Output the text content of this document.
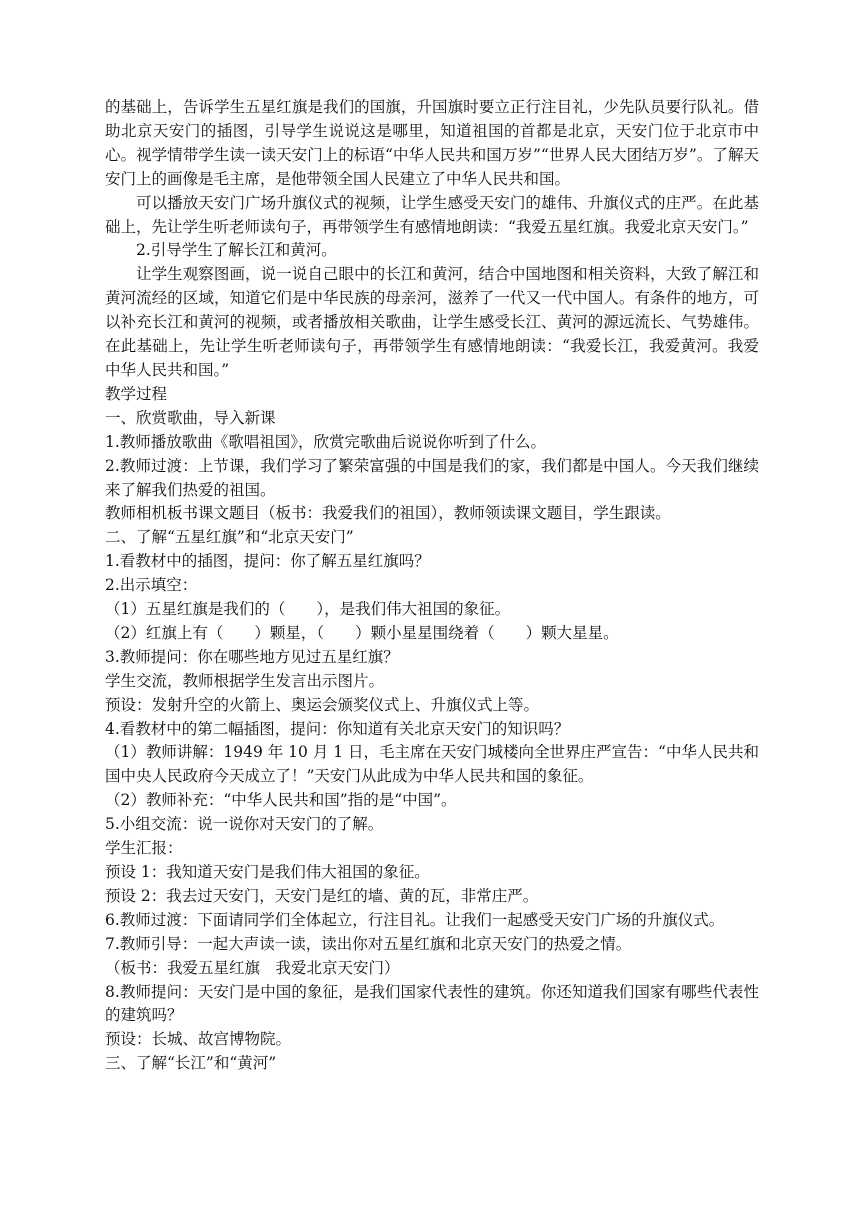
的基础上，告诉学生五星红旗是我们的国旗，升国旗时要立正行注目礼，少先队员要行队礼。借助北京天安门的插图，引导学生说说这是哪里，知道祖国的首都是北京，天安门位于北京市中心。视学情带学生读一读天安门上的标语“中华人民共和国万岁”“世界人民大团结万岁”。了解天安门上的画像是毛主席，是他带领全国人民建立了中华人民共和国。

可以播放天安门广场升旗仪式的视频，让学生感受天安门的雄伟、升旗仪式的庄严。在此基础上，先让学生听老师读句子，再带领学生有感情地朗读：“我爱五星红旗。我爱北京天安门。”

2.引导学生了解长江和黄河。

让学生观察图画，说一说自己眼中的长江和黄河，结合中国地图和相关资料，大致了解江和黄河流经的区域，知道它们是中华民族的母亲河，滋养了一代又一代中国人。有条件的地方，可以补充长江和黄河的视频，或者播放相关歌曲，让学生感受长江、黄河的源远流长、气势雄伟。在此基础上，先让学生听老师读句子，再带领学生有感情地朗读：“我爱长江，我爱黄河。我爱中华人民共和国。”

教学过程

一、欣赏歌曲，导入新课

1.教师播放歌曲《歌唱祖国》，欣赏完歌曲后说说你听到了什么。

2.教师过渡：上节课，我们学习了繁荣富强的中国是我们的家，我们都是中国人。今天我们继续来了解我们热爱的祖国。

教师相机板书课文题目（板书：我爱我们的祖国），教师领读课文题目，学生跟读。

二、了解“五星红旗”和“北京天安门”

1.看教材中的插图，提问：你了解五星红旗吗？

2.出示填空：

（1）五星红旗是我们的（　　），是我们伟大祖国的象征。

（2）红旗上有（　　）颗星，（　　）颗小星星围绕着（　　）颗大星星。

3.教师提问：你在哪些地方见过五星红旗？

学生交流，教师根据学生发言出示图片。

预设：发射升空的火箭上、奥运会颁奖仪式上、升旗仪式上等。

4.看教材中的第二幅插图，提问：你知道有关北京天安门的知识吗？

（1）教师讲解：1949 年 10 月 1 日，毛主席在天安门城楼向全世界庄严宣告：“中华人民共和国中央人民政府今天成立了！”天安门从此成为中华人民共和国的象征。

（2）教师补充：“中华人民共和国”指的是“中国”。

5.小组交流：说一说你对天安门的了解。

学生汇报：

预设 1：我知道天安门是我们伟大祖国的象征。

预设 2：我去过天安门，天安门是红的墙、黄的瓦，非常庄严。

6.教师过渡：下面请同学们全体起立，行注目礼。让我们一起感受天安门广场的升旗仪式。

7.教师引导：一起大声读一读，读出你对五星红旗和北京天安门的热爱之情。

（板书：我爱五星红旗　我爱北京天安门）

8.教师提问：天安门是中国的象征，是我们国家代表性的建筑。你还知道我们国家有哪些代表性的建筑吗？

预设：长城、故宫博物院。

三、了解“长江”和“黄河”
